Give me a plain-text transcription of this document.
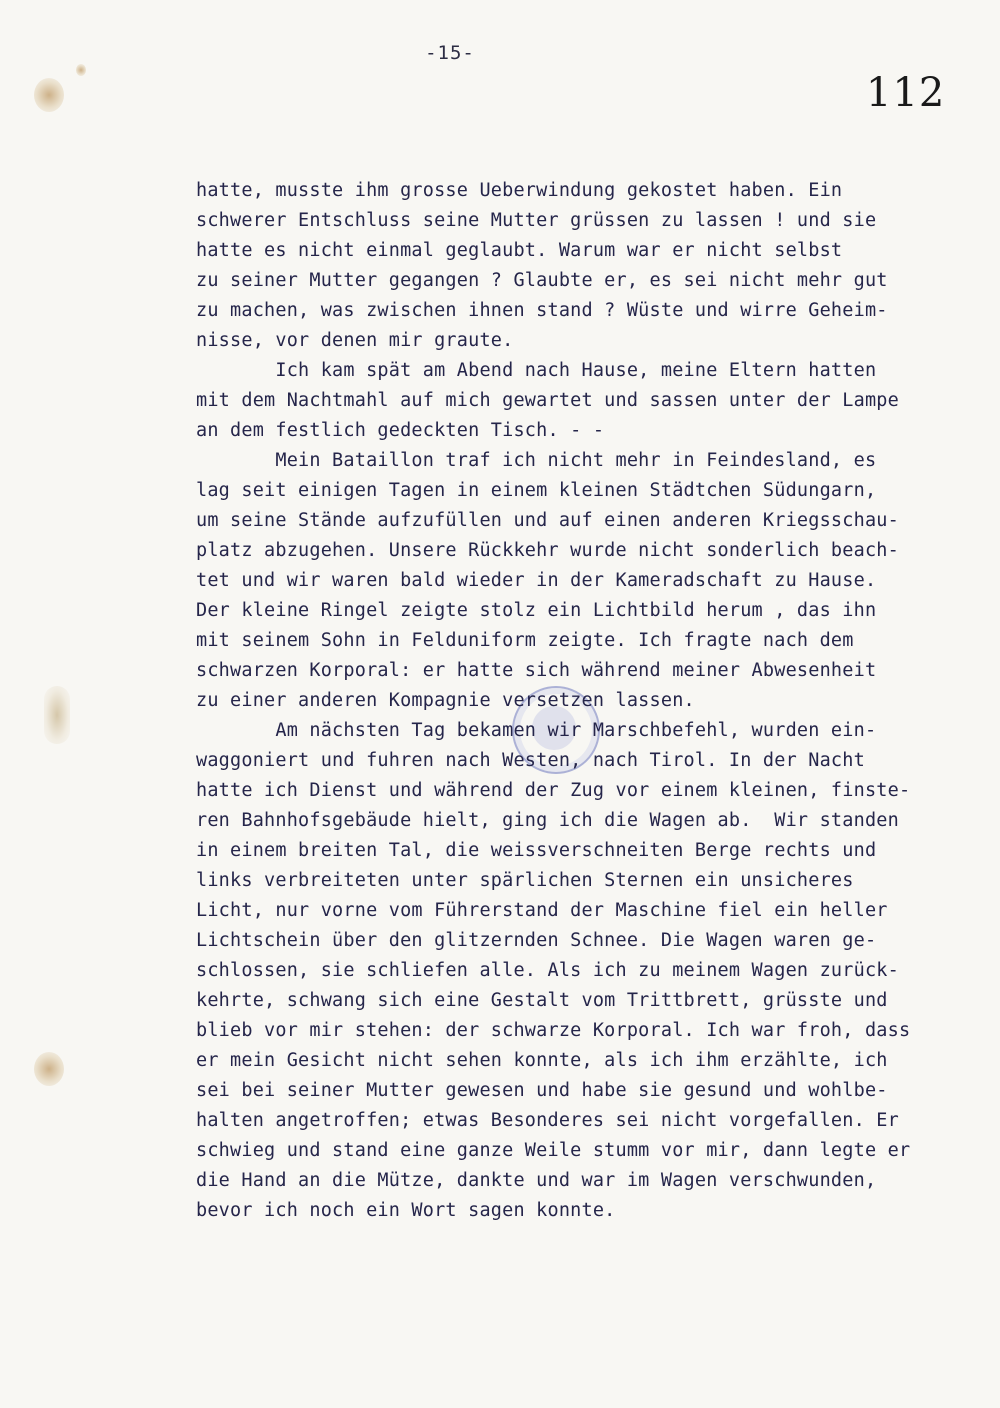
-15-
112
hatte, musste ihm grosse Ueberwindung gekostet haben. Ein
schwerer Entschluss seine Mutter grüssen zu lassen ! und sie
hatte es nicht einmal geglaubt. Warum war er nicht selbst
zu seiner Mutter gegangen ? Glaubte er, es sei nicht mehr gut
zu machen, was zwischen ihnen stand ? Wüste und wirre Geheim-
nisse, vor denen mir graute.
Ich kam spät am Abend nach Hause, meine Eltern hatten
mit dem Nachtmahl auf mich gewartet und sassen unter der Lampe
an dem festlich gedeckten Tisch. - -
Mein Bataillon traf ich nicht mehr in Feindesland, es
lag seit einigen Tagen in einem kleinen Städtchen Südungarn,
um seine Stände aufzufüllen und auf einen anderen Kriegsschau-
platz abzugehen. Unsere Rückkehr wurde nicht sonderlich beach-
tet und wir waren bald wieder in der Kameradschaft zu Hause.
Der kleine Ringel zeigte stolz ein Lichtbild herum , das ihn
mit seinem Sohn in Felduniform zeigte. Ich fragte nach dem
schwarzen Korporal: er hatte sich während meiner Abwesenheit
zu einer anderen Kompagnie versetzen lassen.
Am nächsten Tag bekamen wir Marschbefehl, wurden ein-
waggoniert und fuhren nach Westen, nach Tirol. In der Nacht
hatte ich Dienst und während der Zug vor einem kleinen, finste-
ren Bahnhofsgebäude hielt, ging ich die Wagen ab.  Wir standen
in einem breiten Tal, die weissverschneiten Berge rechts und
links verbreiteten unter spärlichen Sternen ein unsicheres
Licht, nur vorne vom Führerstand der Maschine fiel ein heller
Lichtschein über den glitzernden Schnee. Die Wagen waren ge-
schlossen, sie schliefen alle. Als ich zu meinem Wagen zurück-
kehrte, schwang sich eine Gestalt vom Trittbrett, grüsste und
blieb vor mir stehen: der schwarze Korporal. Ich war froh, dass
er mein Gesicht nicht sehen konnte, als ich ihm erzählte, ich
sei bei seiner Mutter gewesen und habe sie gesund und wohlbe-
halten angetroffen; etwas Besonderes sei nicht vorgefallen. Er
schwieg und stand eine ganze Weile stumm vor mir, dann legte er
die Hand an die Mütze, dankte und war im Wagen verschwunden,
bevor ich noch ein Wort sagen konnte.
